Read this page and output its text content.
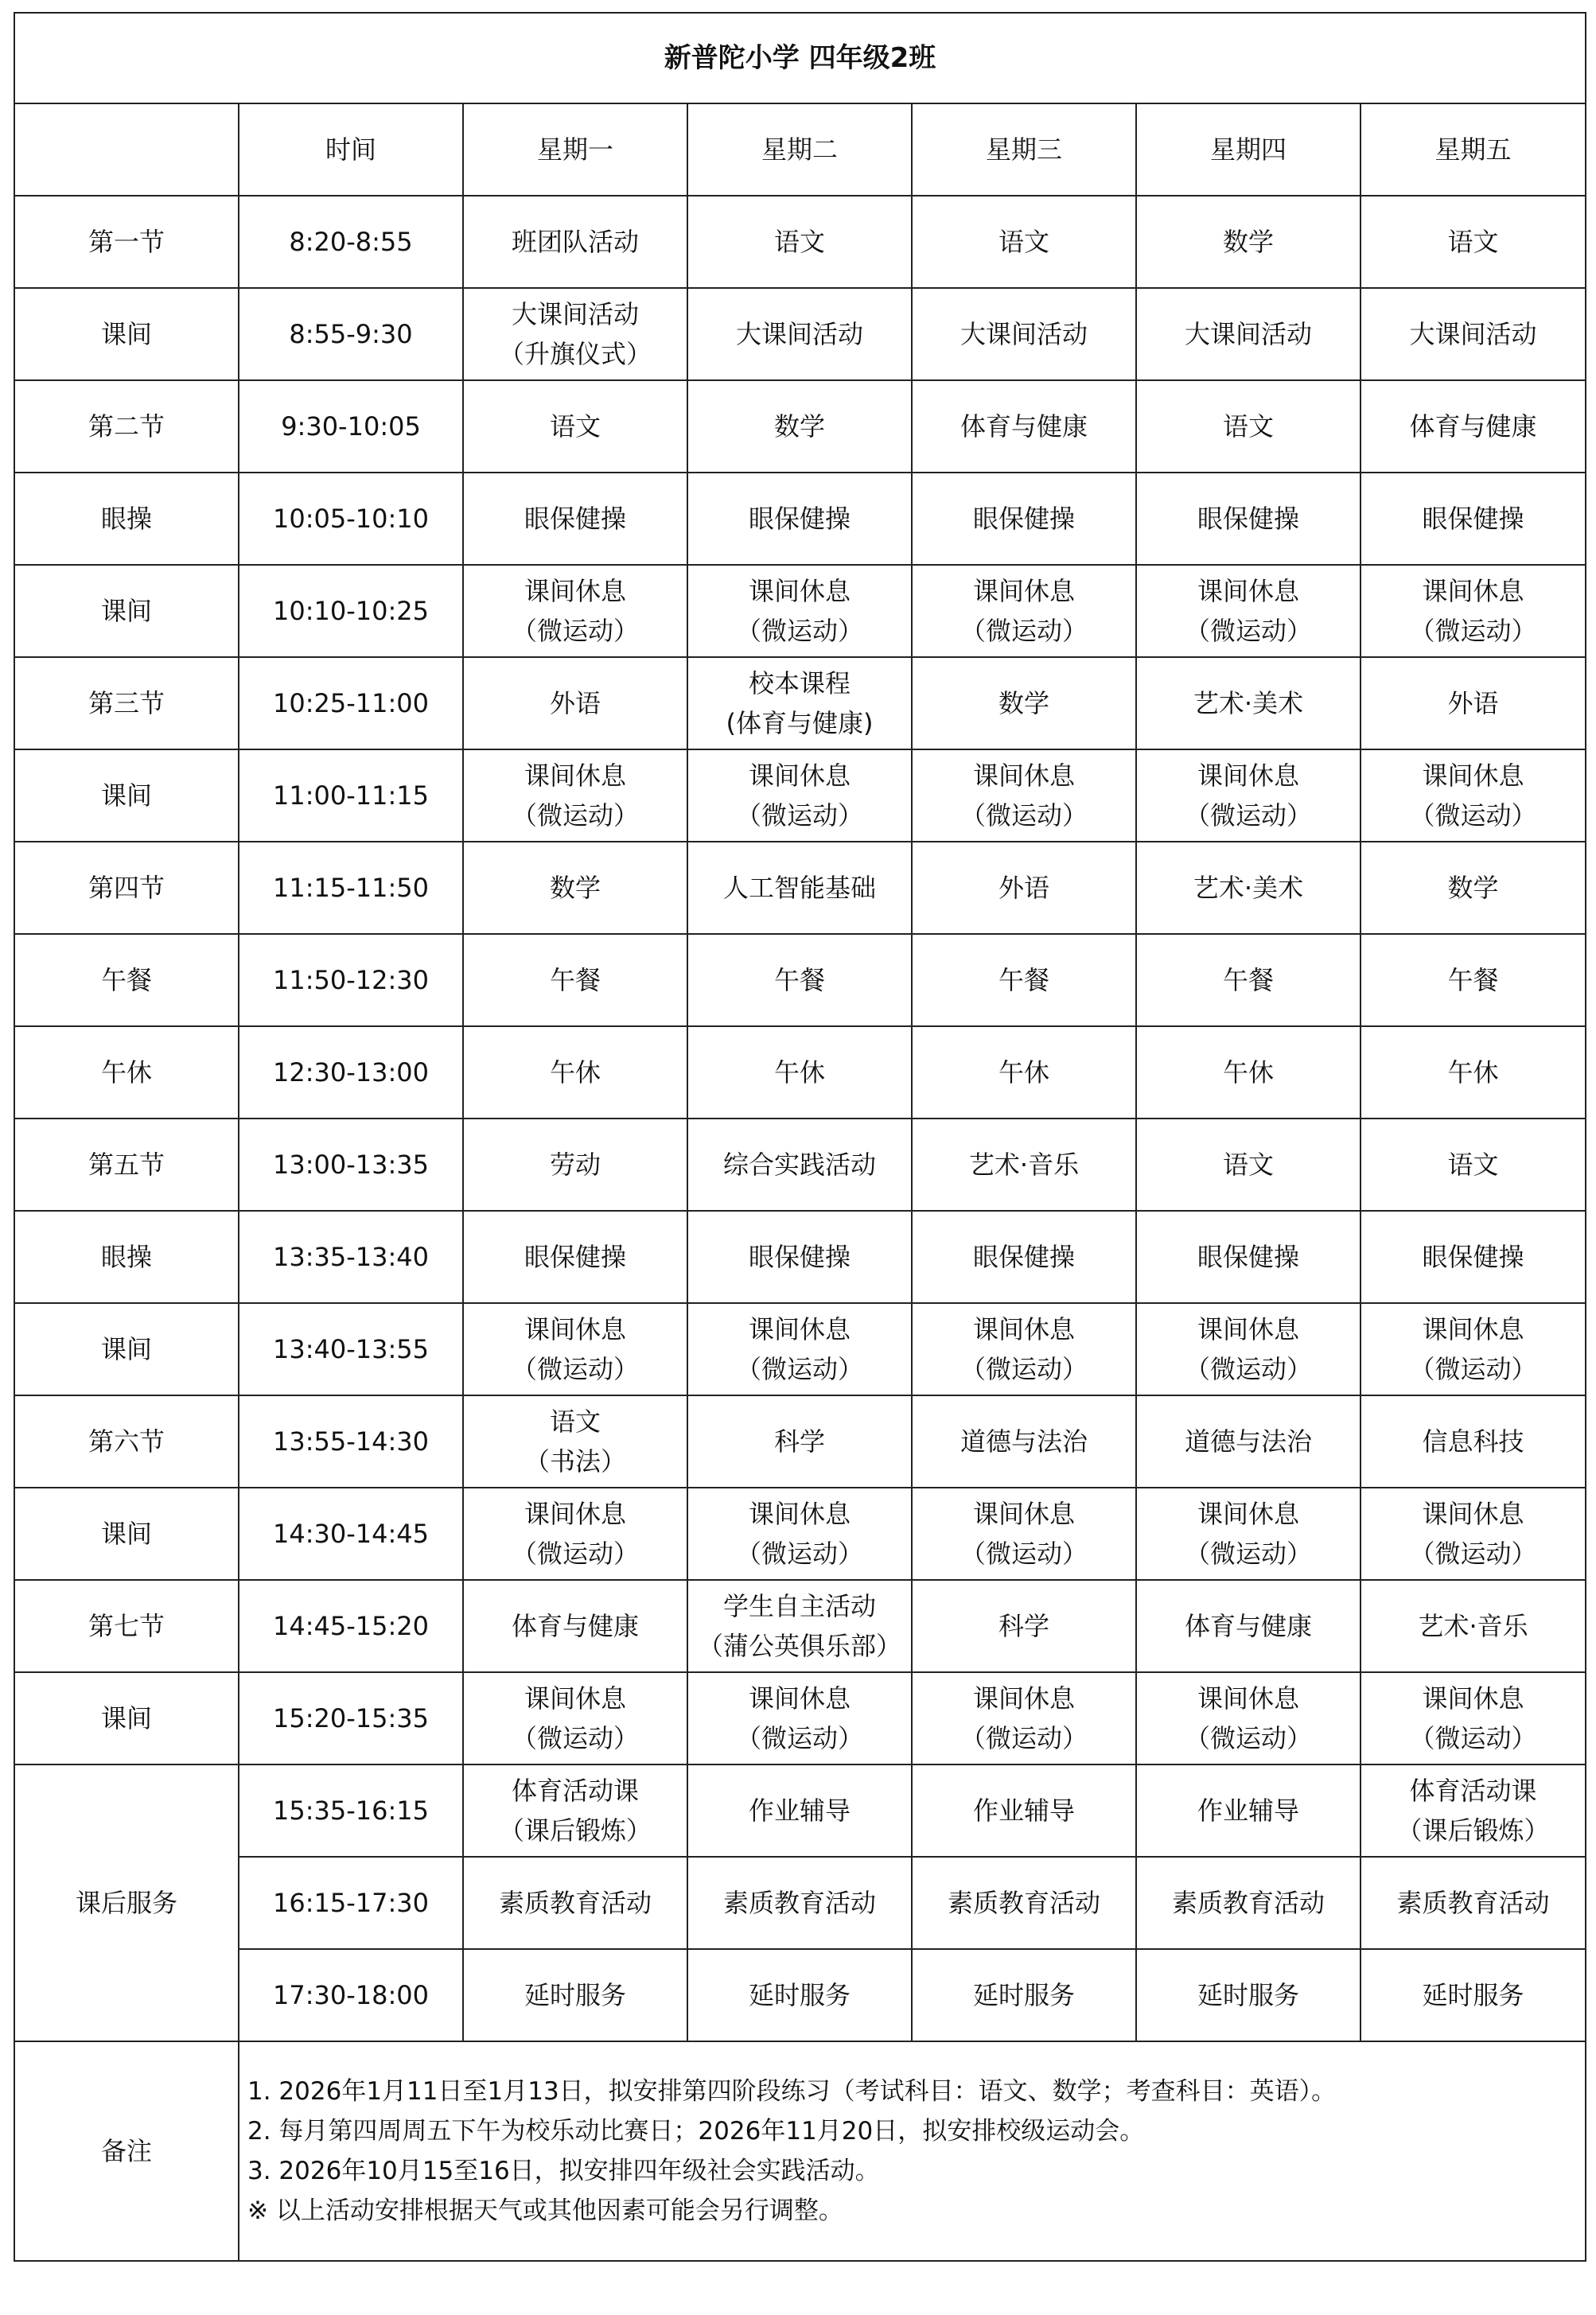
新普陀小学 四年级2班						
	时间	星期一	星期二	星期三	星期四	星期五
第一节	8:20-8:55	班团队活动	语文	语文	数学	语文

课间	8:55-9:30	大课间活动
（升旗仪式）	大课间活动	大课间活动	大课间活动	大课间活动

第二节	9:30-10:05	语文	数学	体育与健康	语文	体育与健康

眼操	10:05-10:10	眼保健操	眼保健操	眼保健操	眼保健操	眼保健操

课间	10:10-10:25	课间休息
（微运动）	课间休息
（微运动）	课间休息
（微运动）	课间休息
（微运动）	课间休息
（微运动）

第三节	10:25-11:00	外语	校本课程
(体育与健康)	数学	艺术·美术	外语

课间	11:00-11:15	课间休息
（微运动）	课间休息
（微运动）	课间休息
（微运动）	课间休息
（微运动）	课间休息
（微运动）

第四节	11:15-11:50	数学	人工智能基础	外语	艺术·美术	数学

午餐	11:50-12:30	午餐	午餐	午餐	午餐	午餐

午休	12:30-13:00	午休	午休	午休	午休	午休

第五节	13:00-13:35	劳动	综合实践活动	艺术·音乐	语文	语文

眼操	13:35-13:40	眼保健操	眼保健操	眼保健操	眼保健操	眼保健操

课间	13:40-13:55	课间休息
（微运动）	课间休息
（微运动）	课间休息
（微运动）	课间休息
（微运动）	课间休息
（微运动）

第六节	13:55-14:30	语文
（书法）	科学	道德与法治	道德与法治	信息科技

课间	14:30-14:45	课间休息
（微运动）	课间休息
（微运动）	课间休息
（微运动）	课间休息
（微运动）	课间休息
（微运动）

第七节	14:45-15:20	体育与健康	学生自主活动
（蒲公英俱乐部）	科学	体育与健康	艺术·音乐

课间	15:20-15:35	课间休息
（微运动）	课间休息
（微运动）	课间休息
（微运动）	课间休息
（微运动）	课间休息
（微运动）

课后服务	15:35-16:15	体育活动课
（课后锻炼）	作业辅导	作业辅导	作业辅导	体育活动课
（课后锻炼）

	16:15-17:30	素质教育活动	素质教育活动	素质教育活动	素质教育活动	素质教育活动

	17:30-18:00	延时服务	延时服务	延时服务	延时服务	延时服务

备注	1. 2026年1月11日至1月13日，拟安排第四阶段练习（考试科目：语文、数学；考查科目：英语）。
2. 每月第四周周五下午为校乐动比赛日；2026年11月20日，拟安排校级运动会。
3. 2026年10月15至16日，拟安排四年级社会实践活动。
※ 以上活动安排根据天气或其他因素可能会另行调整。					
